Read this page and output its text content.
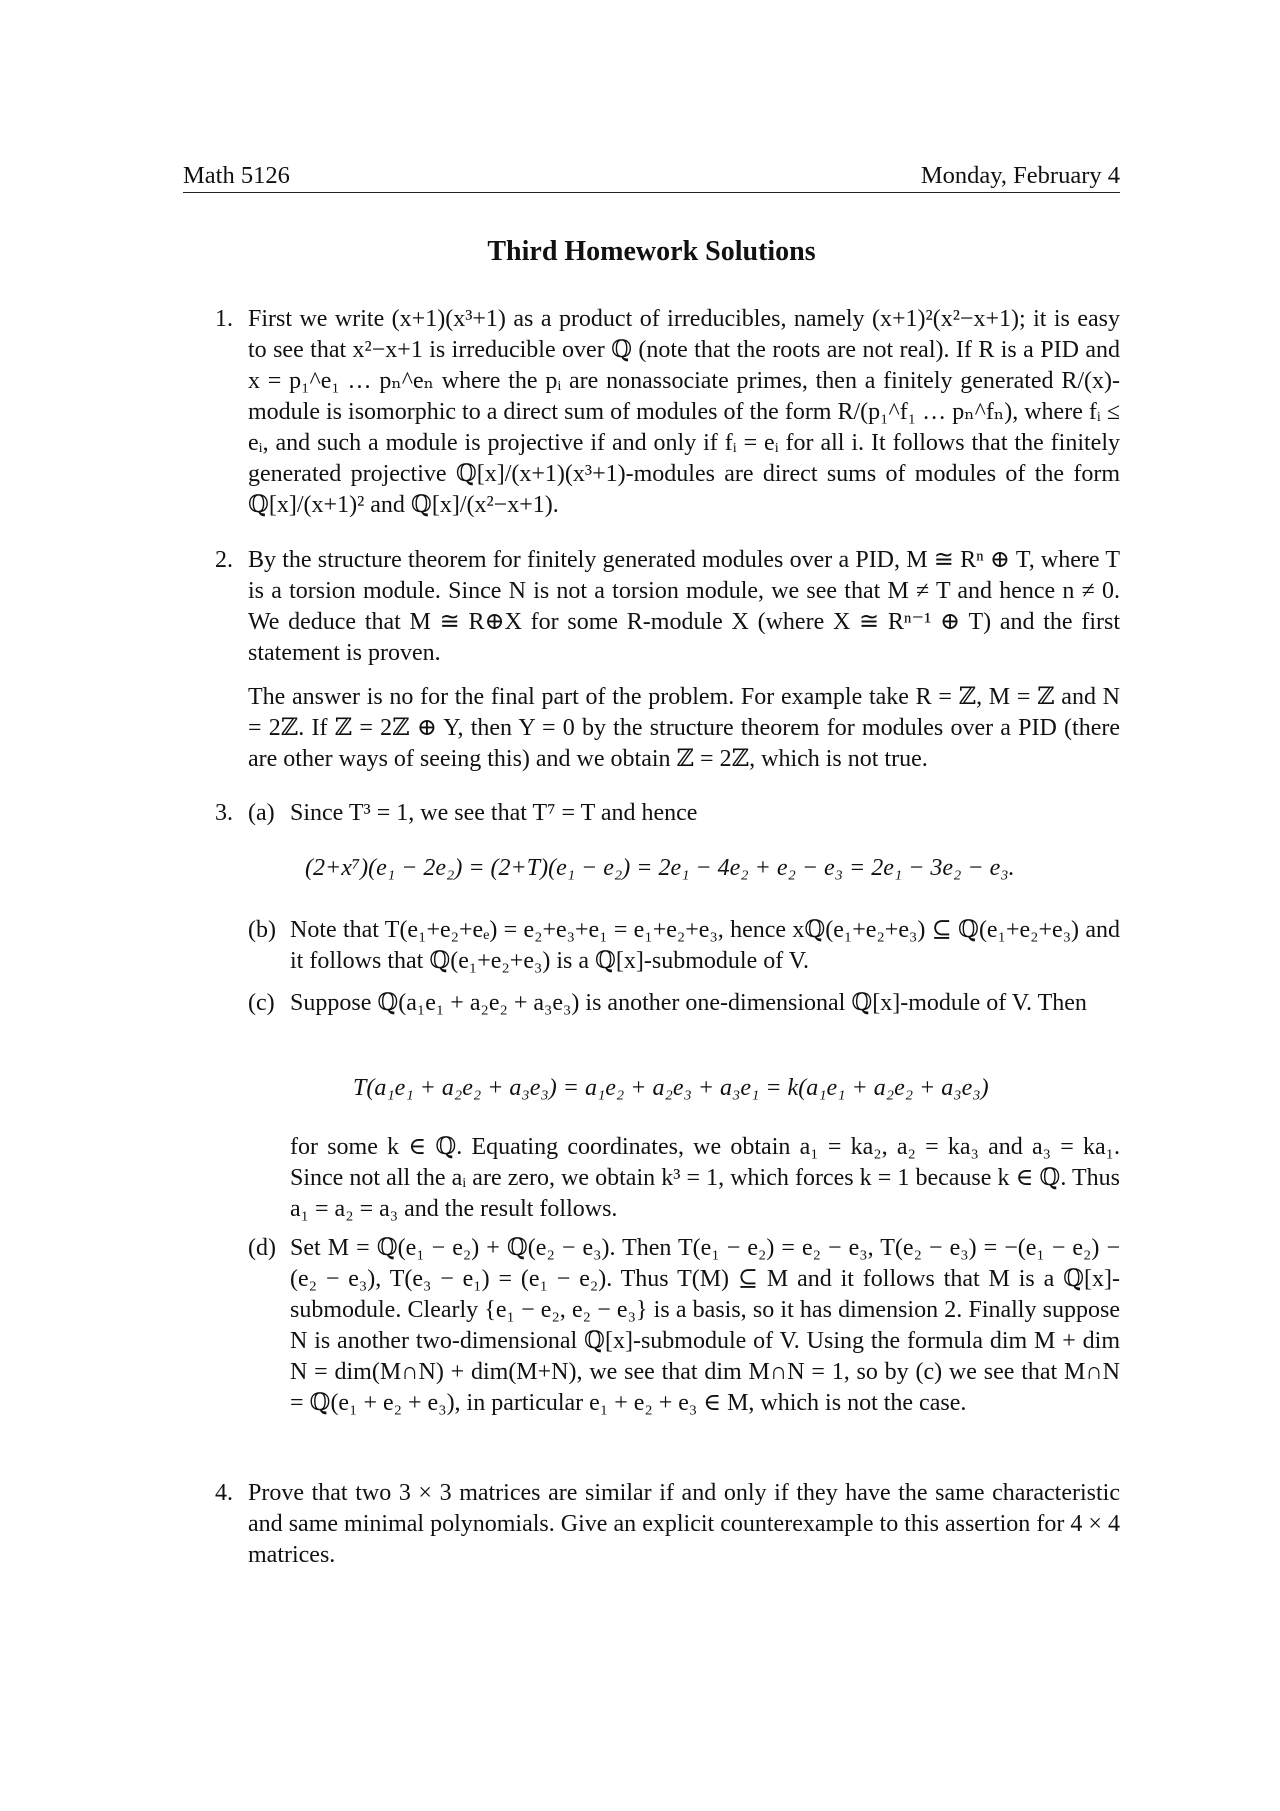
Math 5126	Monday, February 4
Third Homework Solutions
1. First we write (x+1)(x³+1) as a product of irreducibles, namely (x+1)²(x²−x+1); it is easy to see that x²−x+1 is irreducible over ℚ (note that the roots are not real). If R is a PID and x = p₁^e₁ … pₙ^eₙ where the pᵢ are nonassociate primes, then a finitely generated R/(x)-module is isomorphic to a direct sum of modules of the form R/(p₁^f₁ … pₙ^fₙ), where fᵢ ≤ eᵢ, and such a module is projective if and only if fᵢ = eᵢ for all i. It follows that the finitely generated projective ℚ[x]/(x+1)(x³+1)-modules are direct sums of modules of the form ℚ[x]/(x+1)² and ℚ[x]/(x²−x+1).
2. By the structure theorem for finitely generated modules over a PID, M ≅ Rⁿ ⊕ T, where T is a torsion module. Since N is not a torsion module, we see that M ≠ T and hence n ≠ 0. We deduce that M ≅ R⊕X for some R-module X (where X ≅ Rⁿ⁻¹ ⊕ T) and the first statement is proven.
The answer is no for the final part of the problem. For example take R = ℤ, M = ℤ and N = 2ℤ. If ℤ = 2ℤ ⊕ Y, then Y = 0 by the structure theorem for modules over a PID (there are other ways of seeing this) and we obtain ℤ = 2ℤ, which is not true.
3. (a) Since T³ = 1, we see that T⁷ = T and hence
(2+x⁷)(e₁ − 2e₂) = (2+T)(e₁ − e₂) = 2e₁ − 4e₂ + e₂ − e₃ = 2e₁ − 3e₂ − e₃.
(b) Note that T(e₁+e₂+eₑ) = e₂+e₃+e₁ = e₁+e₂+e₃, hence xℚ(e₁+e₂+e₃) ⊆ ℚ(e₁+e₂+e₃) and it follows that ℚ(e₁+e₂+e₃) is a ℚ[x]-submodule of V.
(c) Suppose ℚ(a₁e₁ + a₂e₂ + a₃e₃) is another one-dimensional ℚ[x]-module of V. Then
T(a₁e₁ + a₂e₂ + a₃e₃) = a₁e₂ + a₂e₃ + a₃e₁ = k(a₁e₁ + a₂e₂ + a₃e₃)
for some k ∈ ℚ. Equating coordinates, we obtain a₁ = ka₂, a₂ = ka₃ and a₃ = ka₁. Since not all the aᵢ are zero, we obtain k³ = 1, which forces k = 1 because k ∈ ℚ. Thus a₁ = a₂ = a₃ and the result follows.
(d) Set M = ℚ(e₁ − e₂) + ℚ(e₂ − e₃). Then T(e₁ − e₂) = e₂ − e₃, T(e₂ − e₃) = −(e₁ − e₂) − (e₂ − e₃), T(e₃ − e₁) = (e₁ − e₂). Thus T(M) ⊆ M and it follows that M is a ℚ[x]-submodule. Clearly {e₁ − e₂, e₂ − e₃} is a basis, so it has dimension 2. Finally suppose N is another two-dimensional ℚ[x]-submodule of V. Using the formula dim M + dim N = dim(M∩N) + dim(M+N), we see that dim M∩N = 1, so by (c) we see that M∩N = ℚ(e₁ + e₂ + e₃), in particular e₁ + e₂ + e₃ ∈ M, which is not the case.
4. Prove that two 3 × 3 matrices are similar if and only if they have the same characteristic and same minimal polynomials. Give an explicit counterexample to this assertion for 4 × 4 matrices.
